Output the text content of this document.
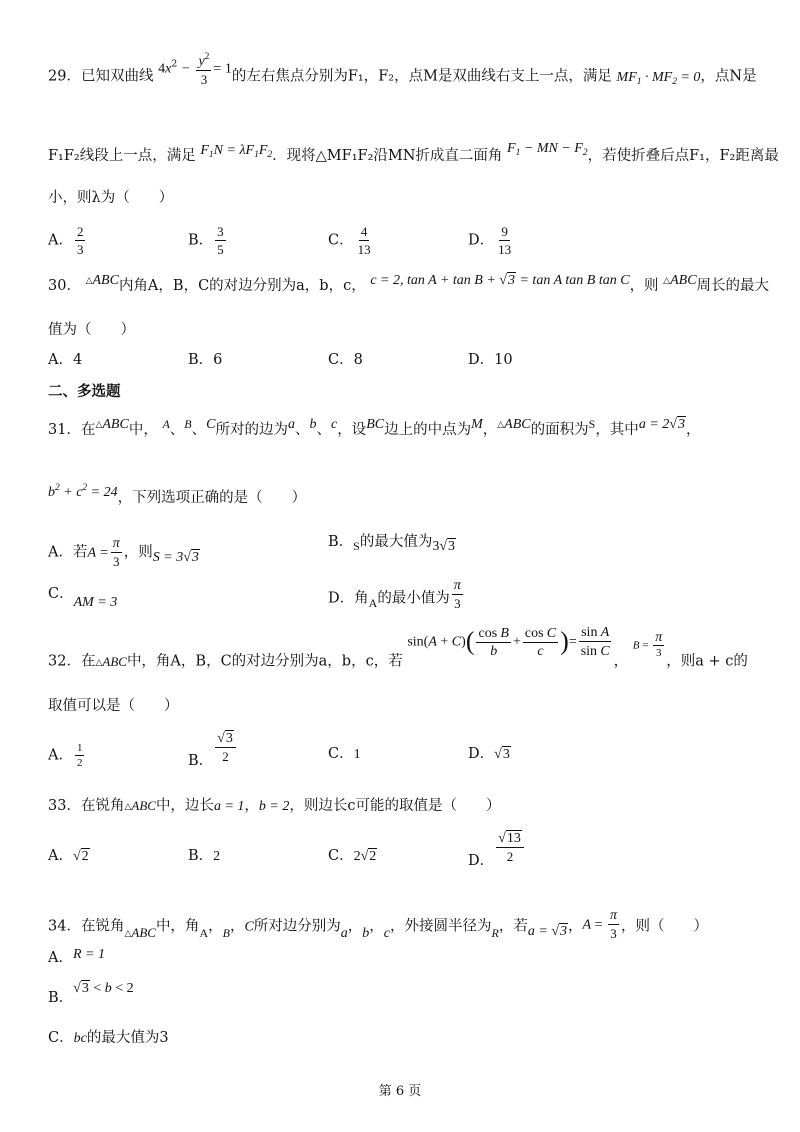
29．已知双曲线 $4x^2 - \frac{y^2}{3} = 1$的左右焦点分别为F₁，F₂，点M是双曲线右支上一点，满足 $MF_1 \cdot MF_2 = 0$，点N是
F₁F₂线段上一点，满足 $F_1N = \lambda F_1F_2$．现将△MF₁F₂沿MN折成直二面角 $F_1$ − MN − $F_2$，若使折叠后点F₁，F₂距离最
小，则λ为（　　）
A． $\frac{2}{3}$	B． $\frac{3}{5}$	C． $\frac{4}{13}$	D． $\frac{9}{13}$
30． △ABC内角A，B，C的对边分别为a，b，c， c = 2, tan A + tan B + √3 = tan A tan B tan C，则 △ABC周长的最大
值为（　　）
A．4	B．6	C．8	D．10
二、多选题
31．在△ABC中， $^A$、$^B$、C所对的边为a、b、c，设BC边上的中点为M，△ABC的面积为$^S$，其中a = 2√3，
$b^2 + c^2 = 24$，下列选项正确的是（　　）
A．若$A = \frac{\pi}{3}$ ，则S = 3√3
B．$_S$的最大值为3√3
C．AM = 3	D．角$_A$的最小值为 $\frac{\pi}{3}$
32．在△ABC中，角A，B，C的对边分别为a，b，c，若 $\sin(A + C)( \frac{\text{cos B}}{b} + \frac{\text{cos C}}{c}$ )= $\frac{\text{sin A}}{\text{sin C}}$
， $B = \frac{\pi}{3}$
，则a + c的
取值可以是（　　）
A． $\frac{1}{2}$	B． $\frac{√3}{2}$	C．1	D．√3
33．在锐角△ABC中，边长a = 1，b = 2，则边长c可能的取值是（　　）
A．√2	B．2	C．2√2	D． $\frac{√13}{2}$
34．在锐角△ABC中，角$_A$，$_B$，C所对边分别为a，b，c，外接圆半径为$_R$，若a = √3，$A = \frac{\pi}{3}$ ，则（　　）
A．R = 1
B．√3 < b < 2
C．bc的最大值为3
第 6 页
